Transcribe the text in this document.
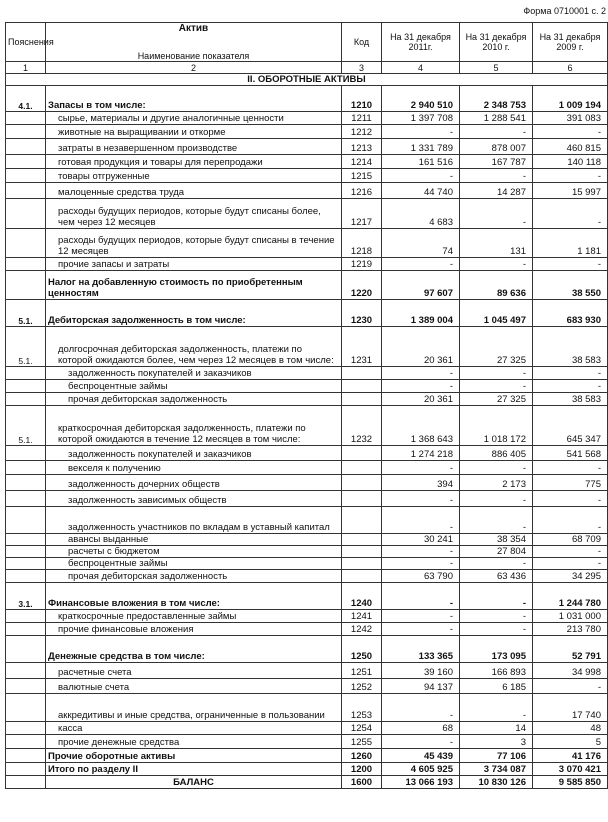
Форма 0710001 с. 2
Пояснения	Актив	Код	На 31 декабря 2011г.	На 31 декабря 2010 г.	На 31 декабря 2009 г.
	Наименование показателя				
1	2	3	4	5	6
II. ОБОРОТНЫЕ АКТИВЫ					
4.1.	Запасы в том числе:	1210	2 940 510	2 348 753	1 009 194
	сырье, материалы и другие аналогичные ценности	1211	1 397 708	1 288 541	391 083
	животные на выращивании и откорме	1212	-	-	-
	затраты в незавершенном производстве	1213	1 331 789	878 007	460 815
	готовая продукция и товары для перепродажи	1214	161 516	167 787	140 118
	товары отгруженные	1215	-	-	-
	малоценные средства труда	1216	44 740	14 287	15 997
	расходы будущих периодов, которые будут списаны более, чем через 12 месяцев	1217	4 683	-	-
	расходы будущих периодов, которые будут списаны в течение 12 месяцев	1218	74	131	1 181
	прочие запасы и затраты	1219	-	-	-
	Налог на добавленную стоимость по приобретенным ценностям	1220	97 607	89 636	38 550
5.1.	Дебиторская задолженность в том числе:	1230	1 389 004	1 045 497	683 930
5.1.	долгосрочная дебиторская задолженность, платежи по которой ожидаются более, чем через 12 месяцев в том числе:	1231	20 361	27 325	38 583
	задолженность покупателей и заказчиков		-	-	-
	беспроцентные займы		-	-	-
	прочая дебиторская задолженность		20 361	27 325	38 583
5.1.	краткосрочная дебиторская задолженность, платежи по которой ожидаются в течение 12 месяцев в том числе:	1232	1 368 643	1 018 172	645 347
	задолженность покупателей и заказчиков		1 274 218	886 405	541 568
	векселя к получению		-	-	-
	задолженность дочерних обществ		394	2 173	775
	задолженность зависимых обществ		-	-	-
	задолженность участников по вкладам в уставный капитал		-	-	-
	авансы выданные		30 241	38 354	68 709
	расчеты с бюджетом		-	27 804	-
	беспроцентные займы		-	-	-
	прочая дебиторская задолженность		63 790	63 436	34 295
3.1.	Финансовые вложения в том числе:	1240	-	-	1 244 780
	краткосрочные предоставленные займы	1241	-	-	1 031 000
	прочие финансовые вложения	1242	-	-	213 780
	Денежные средства в том числе:	1250	133 365	173 095	52 791
	расчетные счета	1251	39 160	166 893	34 998
	валютные счета	1252	94 137	6 185	-
	аккредитивы и иные средства, ограниченные в пользовании	1253	-	-	17 740
	касса	1254	68	14	48
	прочие денежные средства	1255	-	3	5
	Прочие оборотные активы	1260	45 439	77 106	41 176
	Итого по разделу II	1200	4 605 925	3 734 087	3 070 421
	БАЛАНС	1600	13 066 193	10 830 126	9 585 850
